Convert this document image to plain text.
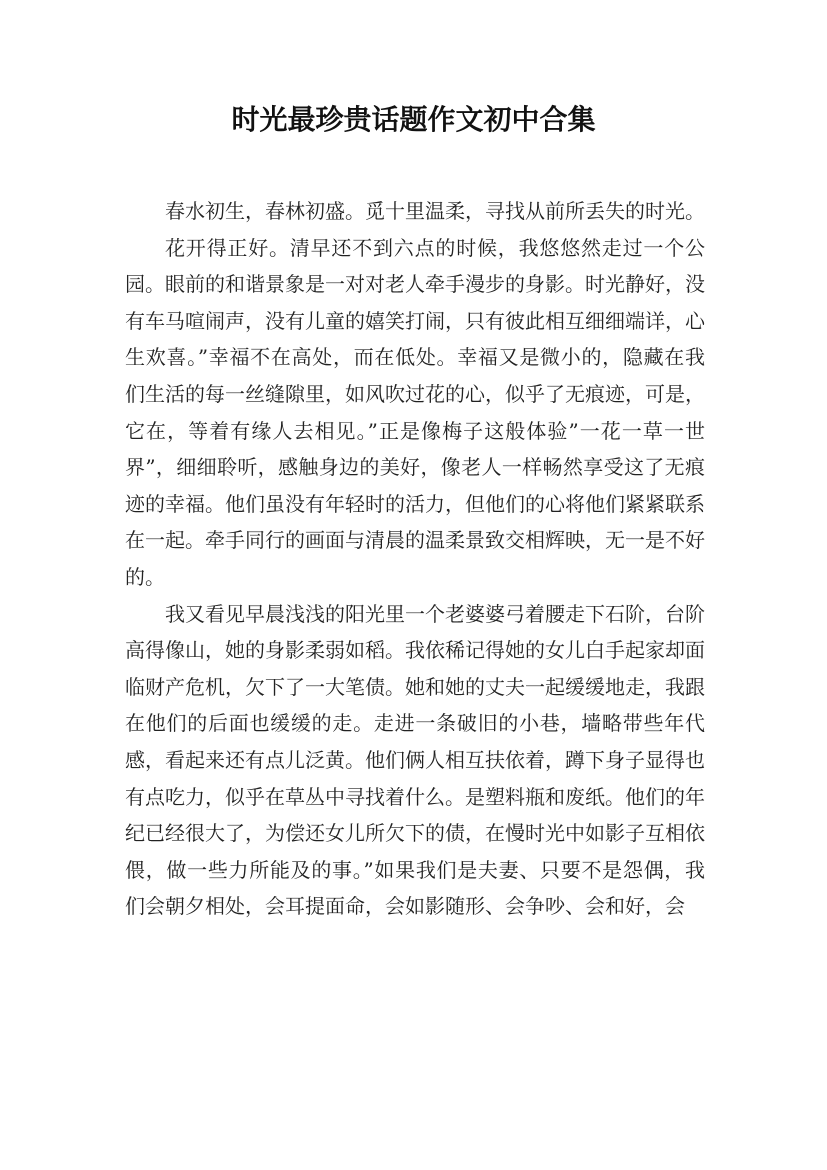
时光最珍贵话题作文初中合集

春水初生，春林初盛。觅十里温柔，寻找从前所丢失的时光。

花开得正好。清早还不到六点的时候，我悠悠然走过一个公园。眼前的和谐景象是一对对老人牵手漫步的身影。时光静好，没有车马喧闹声，没有儿童的嬉笑打闹，只有彼此相互细细端详，心生欢喜。”幸福不在高处，而在低处。幸福又是微小的，隐藏在我们生活的每一丝缝隙里，如风吹过花的心，似乎了无痕迹，可是，它在，等着有缘人去相见。”正是像梅子这般体验”一花一草一世界”，细细聆听，感触身边的美好，像老人一样畅然享受这了无痕迹的幸福。他们虽没有年轻时的活力，但他们的心将他们紧紧联系在一起。牵手同行的画面与清晨的温柔景致交相辉映，无一是不好的。

我又看见早晨浅浅的阳光里一个老婆婆弓着腰走下石阶，台阶高得像山，她的身影柔弱如稻。我依稀记得她的女儿白手起家却面临财产危机，欠下了一大笔债。她和她的丈夫一起缓缓地走，我跟在他们的后面也缓缓的走。走进一条破旧的小巷，墙略带些年代感，看起来还有点儿泛黄。他们俩人相互扶依着，蹲下身子显得也有点吃力，似乎在草丛中寻找着什么。是塑料瓶和废纸。他们的年纪已经很大了，为偿还女儿所欠下的债，在慢时光中如影子互相依偎，做一些力所能及的事。”如果我们是夫妻、只要不是怨偶，我们会朝夕相处，会耳提面命，会如影随形、会争吵、会和好，会
